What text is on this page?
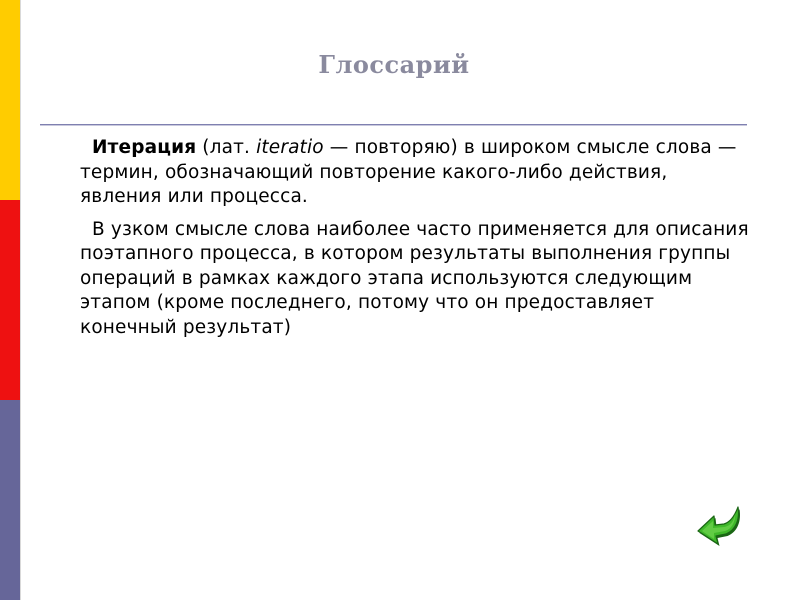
Глоссарий

Итерация (лат. iteratio — повторяю) в широком смысле слова — термин, обозначающий повторение какого-либо действия, явления или процесса.

В узком смысле слова наиболее часто применяется для описания поэтапного процесса, в котором результаты выполнения группы операций в рамках каждого этапа используются следующим этапом (кроме последнего, потому что он предоставляет конечный результат)
